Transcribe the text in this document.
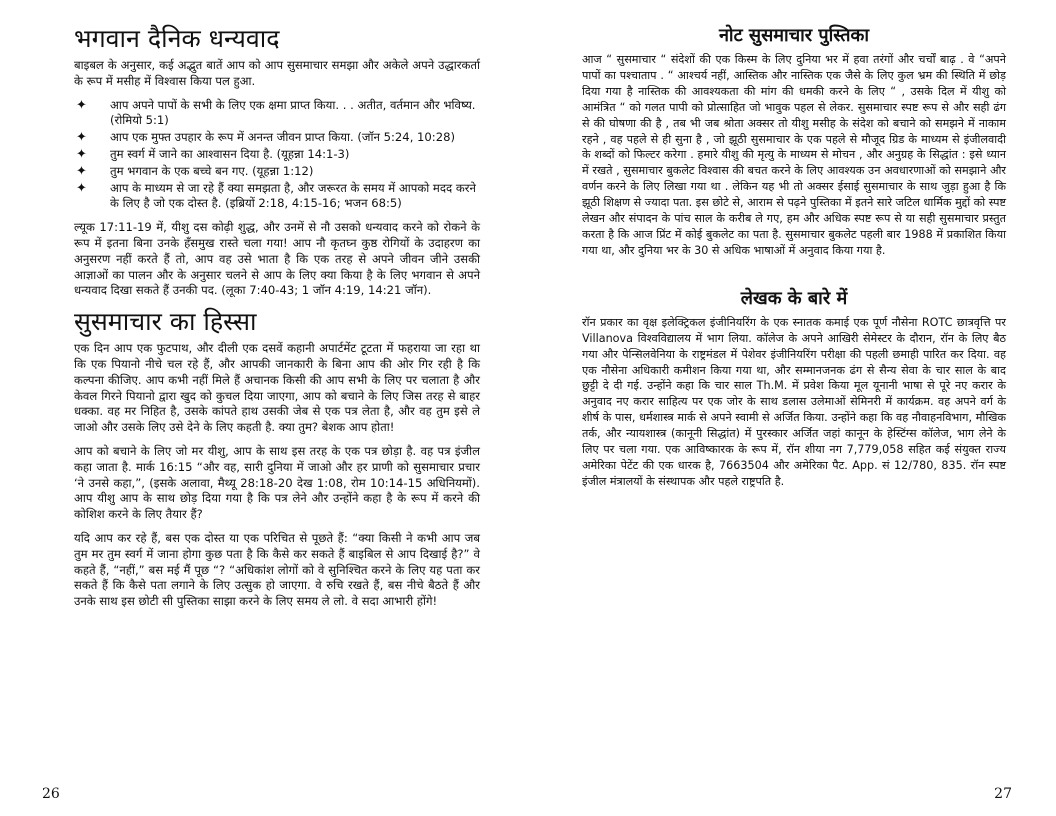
भगवान दैनिक धन्यवाद

बाइबल के अनुसार, कई अद्भुत बातें आप को आप सुसमाचार समझा और अकेले अपने उद्धारकर्ता के रूप में मसीह में विश्वास किया पल हुआ.

✦ आप अपने पापों के सभी के लिए एक क्षमा प्राप्त किया. . . अतीत, वर्तमान और भविष्य. (रोमियो 5:1)
✦ आप एक मुफ्त उपहार के रूप में अनन्त जीवन प्राप्त किया. (जॉन 5:24, 10:28)
✦ तुम स्वर्ग में जाने का आश्वासन दिया है. (यूहन्ना 14:1-3)
✦ तुम भगवान के एक बच्चे बन गए. (यूहन्ना 1:12)
✦ आप के माध्यम से जा रहे हैं क्या समझता है, और जरूरत के समय में आपको मदद करने के लिए है जो एक दोस्त है. (इब्रियों 2:18, 4:15-16; भजन 68:5)

ल्यूक 17:11-19 में, यीशु दस कोढ़ी शुद्ध, और उनमें से नौ उसको धन्यवाद करने को रोकने के रूप में इतना बिना उनके हँसमुख रास्ते चला गया! आप नौ कृतघ्न कुष्ठ रोगियों के उदाहरण का अनुसरण नहीं करते हैं तो, आप वह उसे भाता है कि एक तरह से अपने जीवन जीने उसकी आज्ञाओं का पालन और के अनुसार चलने से आप के लिए क्या किया है के लिए भगवान से अपने धन्यवाद दिखा सकते हैं उनकी पद. (लूका 7:40-43; 1 जॉन 4:19, 14:21 जॉन).

सुसमाचार का हिस्सा

एक दिन आप एक फुटपाथ, और दीली एक दसवें कहानी अपार्टमेंट टूटता में फहराया जा रहा था कि एक पियानो नीचे चल रहे हैं, और आपकी जानकारी के बिना आप की ओर गिर रही है कि कल्पना कीजिए. आप कभी नहीं मिले हैं अचानक किसी की आप सभी के लिए पर चलाता है और केवल गिरने पियानो द्वारा खुद को कुचल दिया जाएगा, आप को बचाने के लिए जिस तरह से बाहर धक्का. वह मर निहित है, उसके कांपते हाथ उसकी जेब से एक पत्र लेता है, और वह तुम इसे ले जाओ और उसके लिए उसे देने के लिए कहती है. क्या तुम? बेशक आप होता!

आप को बचाने के लिए जो मर यीशु, आप के साथ इस तरह के एक पत्र छोड़ा है. वह पत्र इंजील कहा जाता है. मार्क 16:15 “और वह, सारी दुनिया में जाओ और हर प्राणी को सुसमाचार प्रचार ‘ने उनसे कहा,”, (इसके अलावा, मैथ्यू 28:18-20 देख 1:08, रोम 10:14-15 अधिनियमों). आप यीशु आप के साथ छोड़ दिया गया है कि पत्र लेने और उन्होंने कहा है के रूप में करने की कोशिश करने के लिए तैयार हैं?

यदि आप कर रहे हैं, बस एक दोस्त या एक परिचित से पूछते हैं: “क्या किसी ने कभी आप जब तुम मर तुम स्वर्ग में जाना होगा कुछ पता है कि कैसे कर सकते हैं बाइबिल से आप दिखाई है?” वे कहते हैं, “नहीं,” बस मई मैं पूछ “? “अधिकांश लोगों को वे सुनिश्चित करने के लिए यह पता कर सकते हैं कि कैसे पता लगाने के लिए उत्सुक हो जाएगा. वे रुचि रखते हैं, बस नीचे बैठते हैं और उनके साथ इस छोटी सी पुस्तिका साझा करने के लिए समय ले लो. वे सदा आभारी होंगे!

26
नोट सुसमाचार पुस्तिका

आज “ सुसमाचार “ संदेशों की एक किस्म के लिए दुनिया भर में हवा तरंगों और चर्चों बाढ़ . वे “अपने पापों का पश्चाताप . “ आश्चर्य नहीं, आस्तिक और नास्तिक एक जैसे के लिए कुल भ्रम की स्थिति में छोड़ दिया गया है नास्तिक की आवश्यकता की मांग की धमकी करने के लिए “ , उसके दिल में यीशु को आमंत्रित “ को गलत पापी को प्रोत्साहित जो भावुक पहल से लेकर. सुसमाचार स्पष्ट रूप से और सही ढंग से की घोषणा की है , तब भी जब श्रोता अक्सर तो यीशु मसीह के संदेश को बचाने को समझने में नाकाम रहने , वह पहले से ही सुना है , जो झूठी सुसमाचार के एक पहले से मौजूद ग्रिड के माध्यम से इंजीलवादी के शब्दों को फिल्टर करेगा . हमारे यीशु की मृत्यु के माध्यम से मोचन , और अनुग्रह के सिद्धांत : इसे ध्यान में रखते , सुसमाचार बुकलेट विश्वास की बचत करने के लिए आवश्यक उन अवधारणाओं को समझाने और वर्णन करने के लिए लिखा गया था . लेकिन यह भी तो अक्सर ईसाई सुसमाचार के साथ जुड़ा हुआ है कि झूठी शिक्षण से ज्यादा पता. इस छोटे से, आराम से पढ़ने पुस्तिका में इतने सारे जटिल धार्मिक मुद्दों को स्पष्ट लेखन और संपादन के पांच साल के करीब ले गए, हम और अधिक स्पष्ट रूप से या सही सुसमाचार प्रस्तुत करता है कि आज प्रिंट में कोई बुकलेट का पता है. सुसमाचार बुकलेट पहली बार 1988 में प्रकाशित किया गया था, और दुनिया भर के 30 से अधिक भाषाओं में अनुवाद किया गया है.

लेखक के बारे में

रॉन प्रकार का वृक्ष इलेक्ट्रिकल इंजीनियरिंग के एक स्नातक कमाई एक पूर्ण नौसेना ROTC छात्रवृत्ति पर Villanova विश्वविद्यालय में भाग लिया. कॉलेज के अपने आखिरी सेमेस्टर के दौरान, रॉन के लिए बैठ गया और पेन्सिलवेनिया के राष्ट्रमंडल में पेशेवर इंजीनियरिंग परीक्षा की पहली छमाही पारित कर दिया. वह एक नौसेना अधिकारी कमीशन किया गया था, और सम्मानजनक ढंग से सैन्य सेवा के चार साल के बाद छुट्टी दे दी गई. उन्होंने कहा कि चार साल Th.M. में प्रवेश किया मूल यूनानी भाषा से पूरे नए करार के अनुवाद नए करार साहित्य पर एक जोर के साथ डलास उलेमाओं सेमिनरी में कार्यक्रम. वह अपने वर्ग के शीर्ष के पास, धर्मशास्त्र मार्क से अपने स्वामी से अर्जित किया. उन्होंने कहा कि वह नौवाहनविभाग, मौखिक तर्क, और न्यायशास्त्र (कानूनी सिद्धांत) में पुरस्कार अर्जित जहां कानून के हेस्टिंग्स कॉलेज, भाग लेने के लिए पर चला गया. एक आविष्कारक के रूप में, रॉन शीया नग 7,779,058 सहित कई संयुक्त राज्य अमेरिका पेटेंट की एक धारक है, 7663504 और अमेरिका पैट. App. सं 12/780, 835. रॉन स्पष्ट इंजील मंत्रालयों के संस्थापक और पहले राष्ट्रपति है.

27
